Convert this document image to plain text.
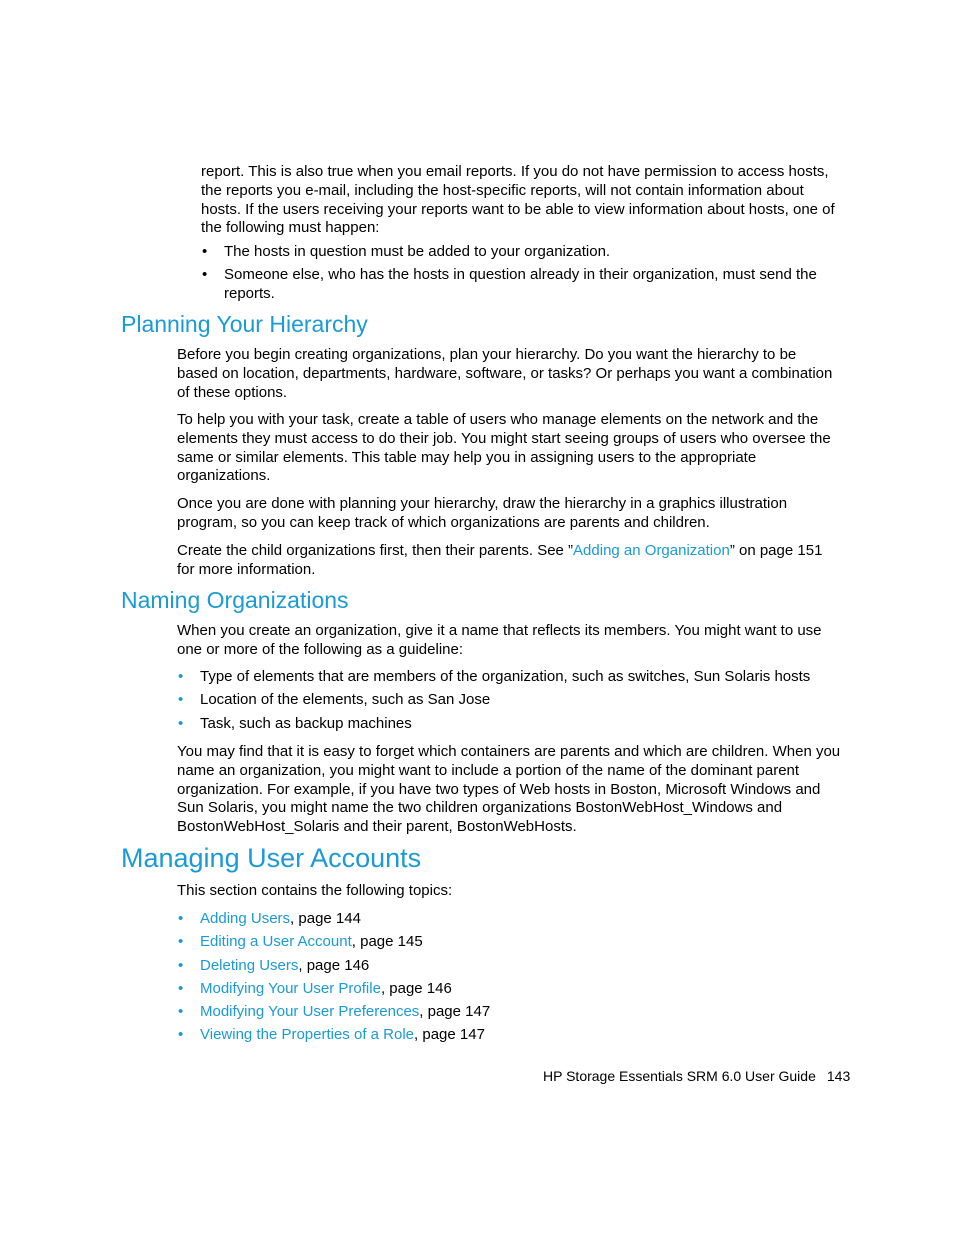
report. This is also true when you email reports. If you do not have permission to access hosts, the reports you e-mail, including the host-specific reports, will not contain information about hosts. If the users receiving your reports want to be able to view information about hosts, one of the following must happen:
• The hosts in question must be added to your organization.
• Someone else, who has the hosts in question already in their organization, must send the reports.
Planning Your Hierarchy
Before you begin creating organizations, plan your hierarchy. Do you want the hierarchy to be based on location, departments, hardware, software, or tasks? Or perhaps you want a combination of these options.
To help you with your task, create a table of users who manage elements on the network and the elements they must access to do their job. You might start seeing groups of users who oversee the same or similar elements. This table may help you in assigning users to the appropriate organizations.
Once you are done with planning your hierarchy, draw the hierarchy in a graphics illustration program, so you can keep track of which organizations are parents and children.
Create the child organizations first, then their parents. See ”Adding an Organization” on page 151 for more information.
Naming Organizations
When you create an organization, give it a name that reflects its members. You might want to use one or more of the following as a guideline:
• Type of elements that are members of the organization, such as switches, Sun Solaris hosts
• Location of the elements, such as San Jose
• Task, such as backup machines
You may find that it is easy to forget which containers are parents and which are children. When you name an organization, you might want to include a portion of the name of the dominant parent organization. For example, if you have two types of Web hosts in Boston, Microsoft Windows and Sun Solaris, you might name the two children organizations BostonWebHost_Windows and BostonWebHost_Solaris and their parent, BostonWebHosts.
Managing User Accounts
This section contains the following topics:
• Adding Users, page 144
• Editing a User Account, page 145
• Deleting Users, page 146
• Modifying Your User Profile, page 146
• Modifying Your User Preferences, page 147
• Viewing the Properties of a Role, page 147
HP Storage Essentials SRM 6.0 User Guide 143
